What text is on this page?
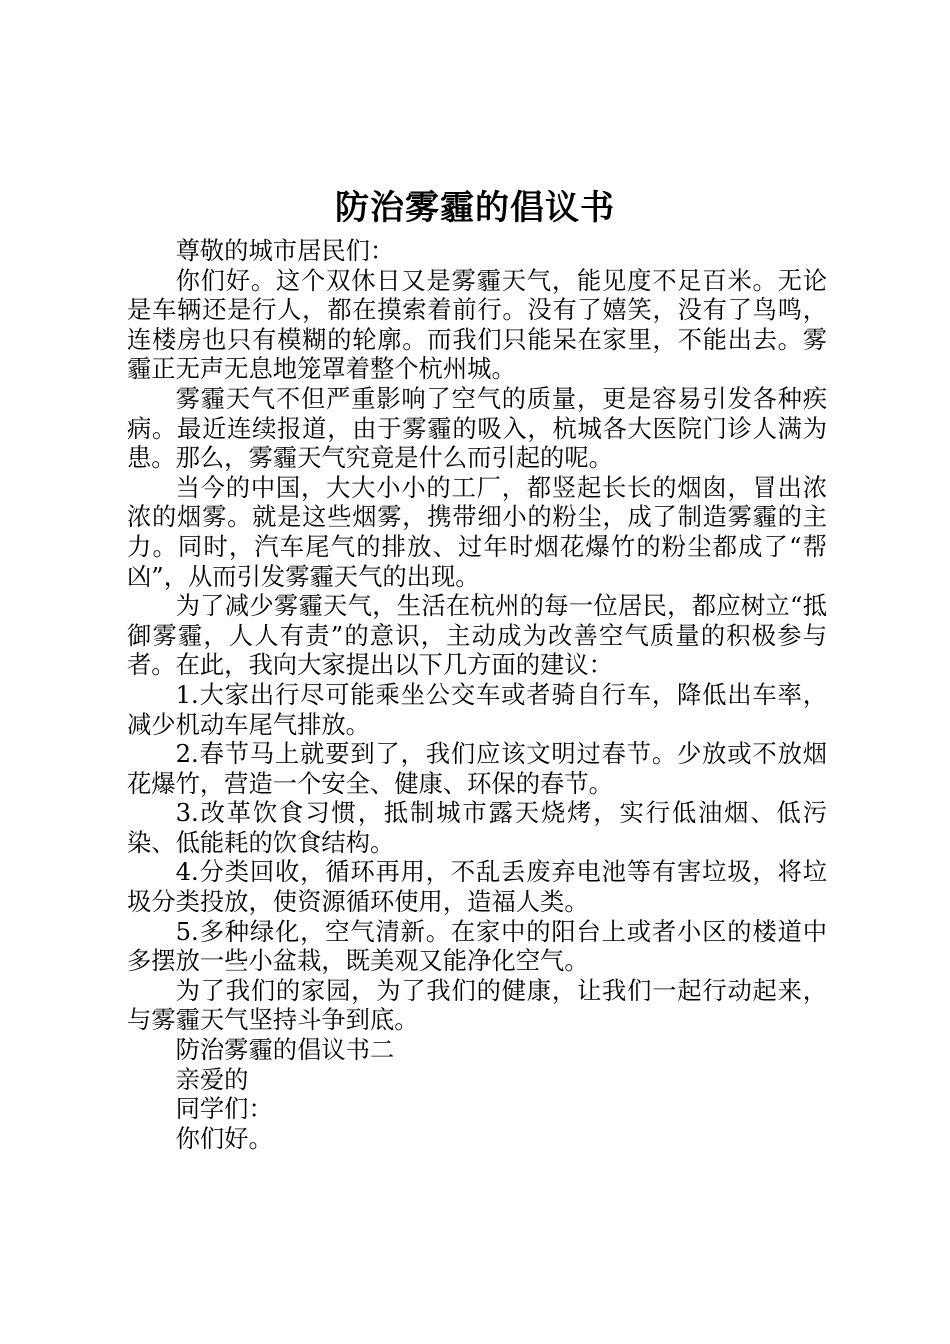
防治雾霾的倡议书

尊敬的城市居民们：

你们好。这个双休日又是雾霾天气，能见度不足百米。无论是车辆还是行人，都在摸索着前行。没有了嬉笑，没有了鸟鸣，连楼房也只有模糊的轮廓。而我们只能呆在家里，不能出去。雾霾正无声无息地笼罩着整个杭州城。

雾霾天气不但严重影响了空气的质量，更是容易引发各种疾病。最近连续报道，由于雾霾的吸入，杭城各大医院门诊人满为患。那么，雾霾天气究竟是什么而引起的呢。

当今的中国，大大小小的工厂，都竖起长长的烟囱，冒出浓浓的烟雾。就是这些烟雾，携带细小的粉尘，成了制造雾霾的主力。同时，汽车尾气的排放、过年时烟花爆竹的粉尘都成了“帮凶”，从而引发雾霾天气的出现。

为了减少雾霾天气，生活在杭州的每一位居民，都应树立“抵御雾霾，人人有责”的意识，主动成为改善空气质量的积极参与者。在此，我向大家提出以下几方面的建议：

1.大家出行尽可能乘坐公交车或者骑自行车，降低出车率，减少机动车尾气排放。

2.春节马上就要到了，我们应该文明过春节。少放或不放烟花爆竹，营造一个安全、健康、环保的春节。

3.改革饮食习惯，抵制城市露天烧烤，实行低油烟、低污染、低能耗的饮食结构。

4.分类回收，循环再用，不乱丢废弃电池等有害垃圾，将垃圾分类投放，使资源循环使用，造福人类。

5.多种绿化，空气清新。在家中的阳台上或者小区的楼道中多摆放一些小盆栽，既美观又能净化空气。

为了我们的家园，为了我们的健康，让我们一起行动起来，与雾霾天气坚持斗争到底。

防治雾霾的倡议书二

亲爱的

同学们：

你们好。
